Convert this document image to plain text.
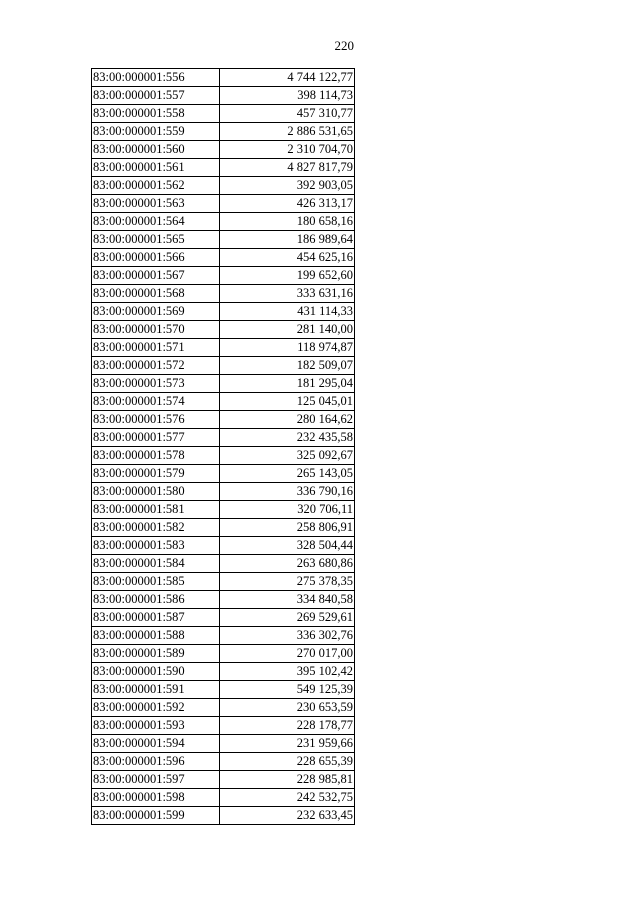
220
83:00:000001:556	4 744 122,77
83:00:000001:557	398 114,73
83:00:000001:558	457 310,77
83:00:000001:559	2 886 531,65
83:00:000001:560	2 310 704,70
83:00:000001:561	4 827 817,79
83:00:000001:562	392 903,05
83:00:000001:563	426 313,17
83:00:000001:564	180 658,16
83:00:000001:565	186 989,64
83:00:000001:566	454 625,16
83:00:000001:567	199 652,60
83:00:000001:568	333 631,16
83:00:000001:569	431 114,33
83:00:000001:570	281 140,00
83:00:000001:571	118 974,87
83:00:000001:572	182 509,07
83:00:000001:573	181 295,04
83:00:000001:574	125 045,01
83:00:000001:576	280 164,62
83:00:000001:577	232 435,58
83:00:000001:578	325 092,67
83:00:000001:579	265 143,05
83:00:000001:580	336 790,16
83:00:000001:581	320 706,11
83:00:000001:582	258 806,91
83:00:000001:583	328 504,44
83:00:000001:584	263 680,86
83:00:000001:585	275 378,35
83:00:000001:586	334 840,58
83:00:000001:587	269 529,61
83:00:000001:588	336 302,76
83:00:000001:589	270 017,00
83:00:000001:590	395 102,42
83:00:000001:591	549 125,39
83:00:000001:592	230 653,59
83:00:000001:593	228 178,77
83:00:000001:594	231 959,66
83:00:000001:596	228 655,39
83:00:000001:597	228 985,81
83:00:000001:598	242 532,75
83:00:000001:599	232 633,45
